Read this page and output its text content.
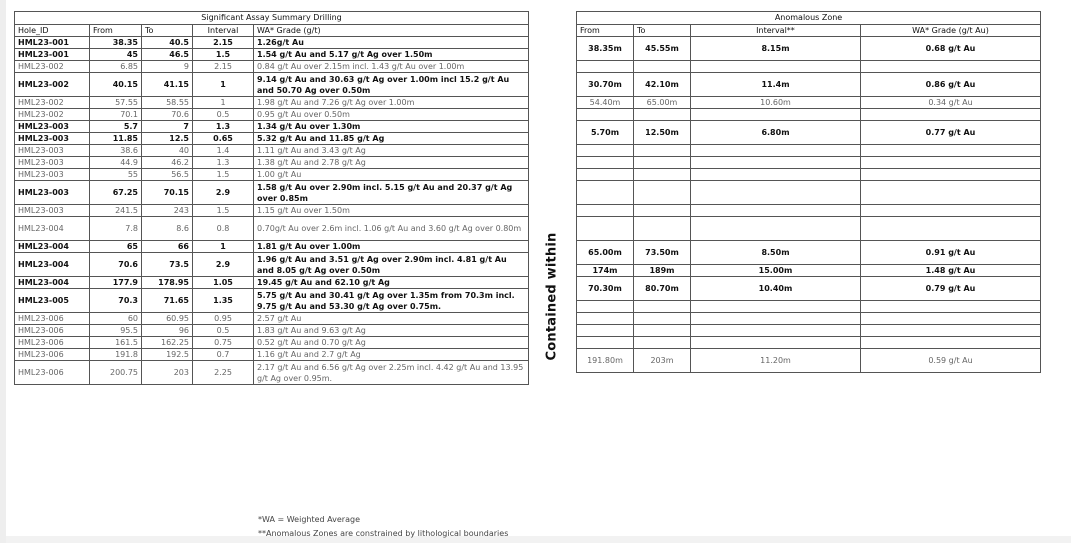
Significant Assay Summary Drilling				
Hole_ID	From	To	Interval	WA* Grade (g/t)
HML23-001	38.35	40.5	2.15	1.26g/t Au
HML23-001	45	46.5	1.5	1.54 g/t Au and 5.17 g/t Ag over 1.50m
HML23-002	6.85	9	2.15	0.84 g/t Au over 2.15m incl. 1.43 g/t Au over 1.00m
HML23-002	40.15	41.15	1	9.14 g/t Au and 30.63 g/t Ag over 1.00m incl 15.2 g/t Au and 50.70 Ag over 0.50m
HML23-002	57.55	58.55	1	1.98 g/t Au and 7.26 g/t Ag over 1.00m
HML23-002	70.1	70.6	0.5	0.95 g/t Au over 0.50m
HML23-003	5.7	7	1.3	1.34 g/t Au over 1.30m
HML23-003	11.85	12.5	0.65	5.32 g/t Au and 11.85 g/t Ag
HML23-003	38.6	40	1.4	1.11 g/t Au and 3.43 g/t Ag
HML23-003	44.9	46.2	1.3	1.38 g/t Au and 2.78 g/t Ag
HML23-003	55	56.5	1.5	1.00 g/t Au
HML23-003	67.25	70.15	2.9	1.58 g/t Au over 2.90m incl. 5.15 g/t Au and 20.37 g/t Ag over 0.85m
HML23-003	241.5	243	1.5	1.15 g/t Au over 1.50m
HML23-004	7.8	8.6	0.8	0.70g/t Au over 2.6m incl. 1.06 g/t Au and 3.60 g/t Ag over 0.80m
HML23-004	65	66	1	1.81 g/t Au over 1.00m
HML23-004	70.6	73.5	2.9	1.96 g/t Au and 3.51 g/t Ag over 2.90m incl. 4.81 g/t Au and 8.05 g/t Ag over 0.50m
HML23-004	177.9	178.95	1.05	19.45 g/t Au and 62.10 g/t Ag
HML23-005	70.3	71.65	1.35	5.75 g/t Au and 30.41 g/t Ag over 1.35m from 70.3m incl. 9.75 g/t Au and 53.30 g/t Ag over 0.75m.
HML23-006	60	60.95	0.95	2.57 g/t Au
HML23-006	95.5	96	0.5	1.83 g/t Au and 9.63 g/t Ag
HML23-006	161.5	162.25	0.75	0.52 g/t Au and 0.70 g/t Ag
HML23-006	191.8	192.5	0.7	1.16 g/t Au and 2.7 g/t Ag
HML23-006	200.75	203	2.25	2.17 g/t Au and 6.56 g/t Ag over 2.25m incl. 4.42 g/t Au and 13.95 g/t Ag over 0.95m.
Contained within
Anomalous Zone			
From	To	Interval**	WA* Grade (g/t Au)
38.35m	45.55m	8.15m	0.68 g/t Au

30.70m	42.10m	11.4m	0.86 g/t Au
54.40m	65.00m	10.60m	0.34 g/t Au

5.70m	12.50m	6.80m	0.77 g/t Au

65.00m	73.50m	8.50m	0.91 g/t Au

174m	189m	15.00m	1.48 g/t Au
70.30m	80.70m	10.40m	0.79 g/t Au

191.80m	203m	11.20m	0.59 g/t Au
*WA = Weighted Average
**Anomalous Zones are constrained by lithological boundaries
